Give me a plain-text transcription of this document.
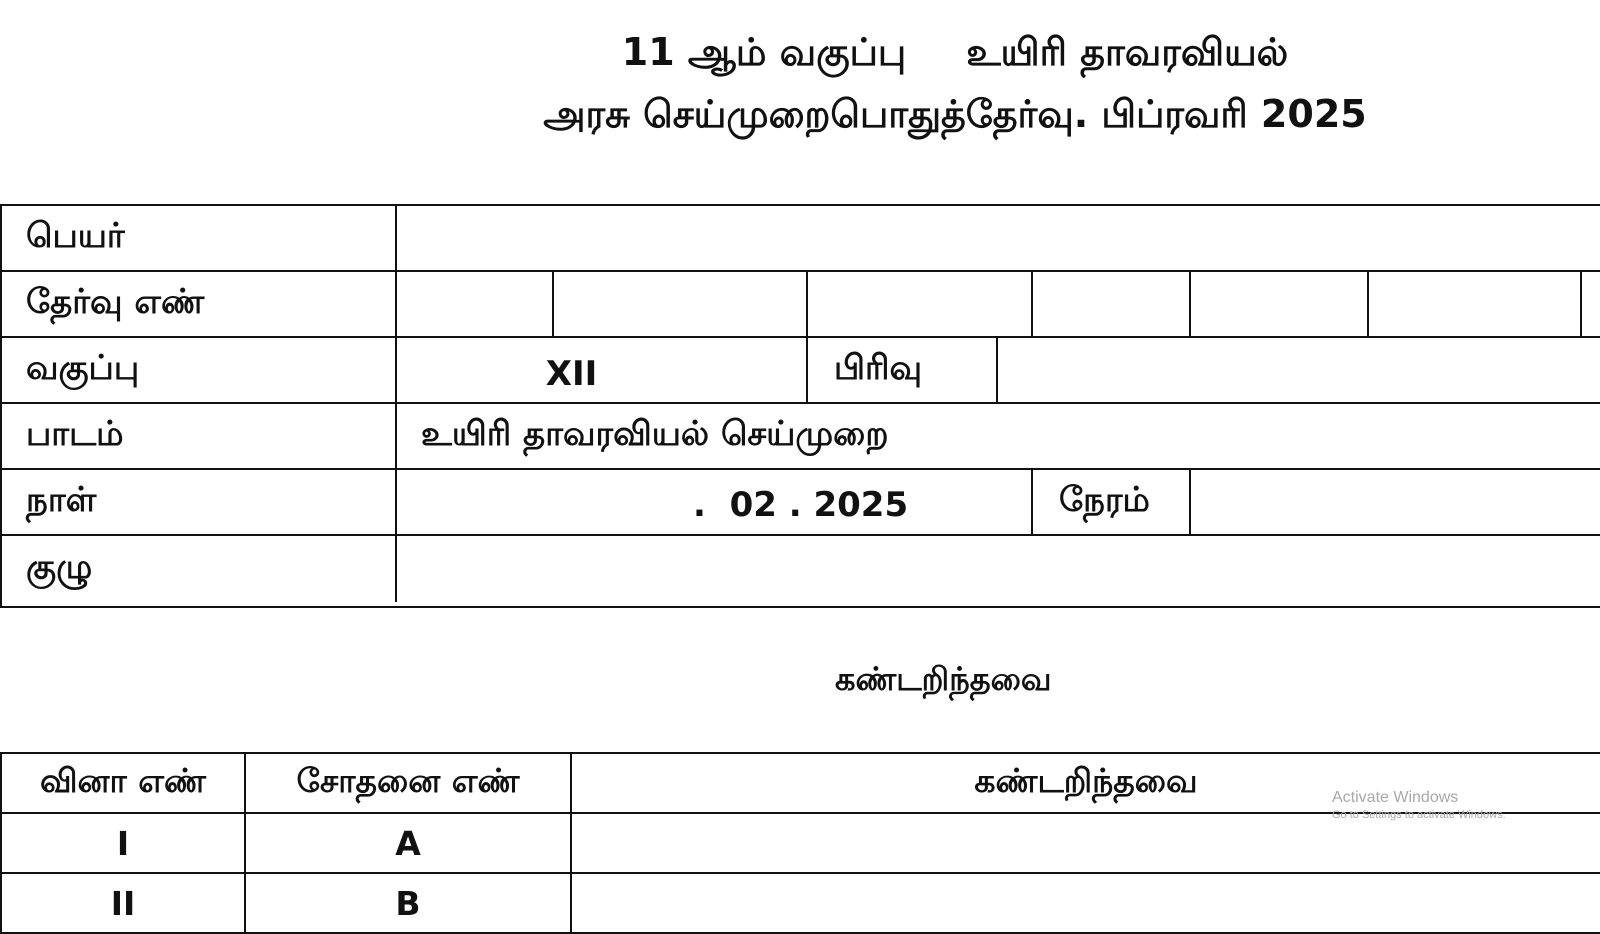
11 ஆம் வகுப்பு உயிரி தாவரவியல்
அரசு செய்முறைபொதுத்தேர்வு. பிப்ரவரி 2025
பெயர்
தேர்வு எண்
வகுப்பு	XII	பிரிவு
பாடம்	உயிரி தாவரவியல் செய்முறை
நாள்	.  02 . 2025	நேரம்
குழு
கண்டறிந்தவை
வினா எண்	சோதனை எண்	கண்டறிந்தவை
I	A
II	B
Activate Windows
Go to Settings to activate Windows.
